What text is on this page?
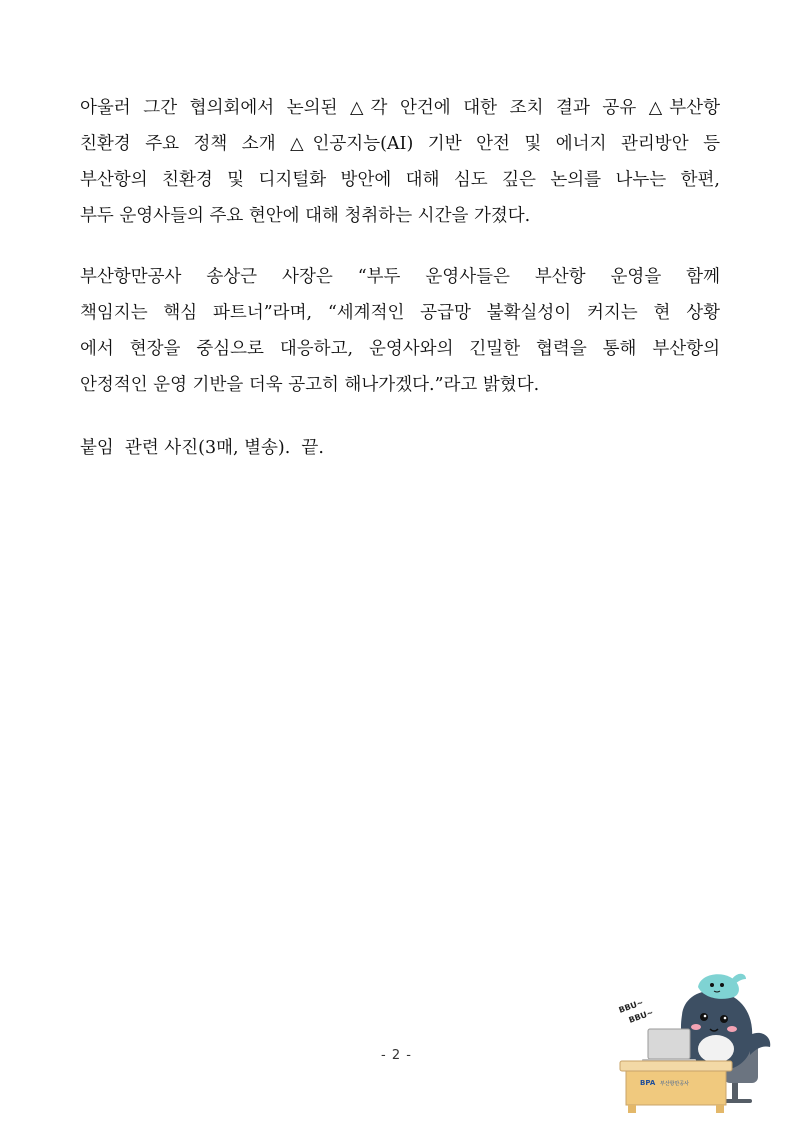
아울러 그간 협의회에서 논의된 △각 안건에 대한 조치 결과 공유 △부산항
친환경 주요 정책 소개 △인공지능(AI) 기반 안전 및 에너지 관리방안 등
부산항의 친환경 및 디지털화 방안에 대해 심도 깊은 논의를 나누는 한편,
부두 운영사들의 주요 현안에 대해 청취하는 시간을 가졌다.
부산항만공사 송상근 사장은 “부두 운영사들은 부산항 운영을 함께
책임지는 핵심 파트너”라며, “세계적인 공급망 불확실성이 커지는 현 상황
에서 현장을 중심으로 대응하고, 운영사와의 긴밀한 협력을 통해 부산항의
안정적인 운영 기반을 더욱 공고히 해나가겠다.”라고 밝혔다.
붙임  관련 사진(3매, 별송).  끝.
- 2 -
BBU~
BBU~
BPA 부산항만공사
